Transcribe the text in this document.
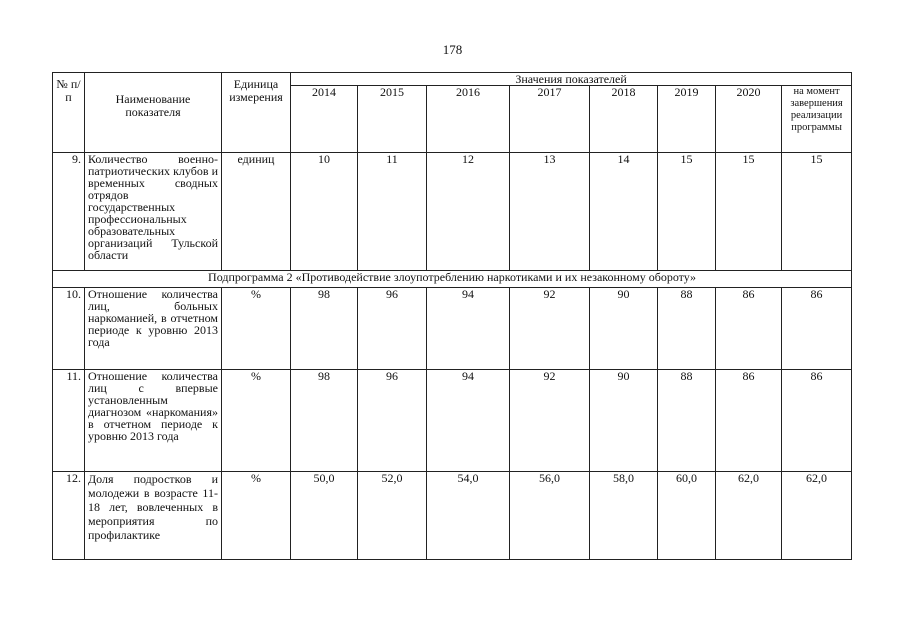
178
№ п/п	Наименование показателя	Единица измерения	Значения показателей							
			2014	2015	2016	2017	2018	2019	2020	на момент завершения реализации программы
9.	Количество военно-патриотических клубов и временных сводных отрядов государственных профессиональных образовательных организаций Тульской области	единиц	10	11	12	13	14	15	15	15
Подпрограмма 2 «Противодействие злоупотреблению наркотиками и их незаконному обороту»										
10.	Отношение количества лиц, больных наркоманией, в отчетном периоде к уровню 2013 года	%	98	96	94	92	90	88	86	86
11.	Отношение количества лиц с впервые установленным диагнозом «наркомания» в отчетном периоде к уровню 2013 года	%	98	96	94	92	90	88	86	86
12.	Доля подростков и молодежи в возрасте 11-18 лет, вовлеченных в мероприятия по профилактике	%	50,0	52,0	54,0	56,0	58,0	60,0	62,0	62,0
